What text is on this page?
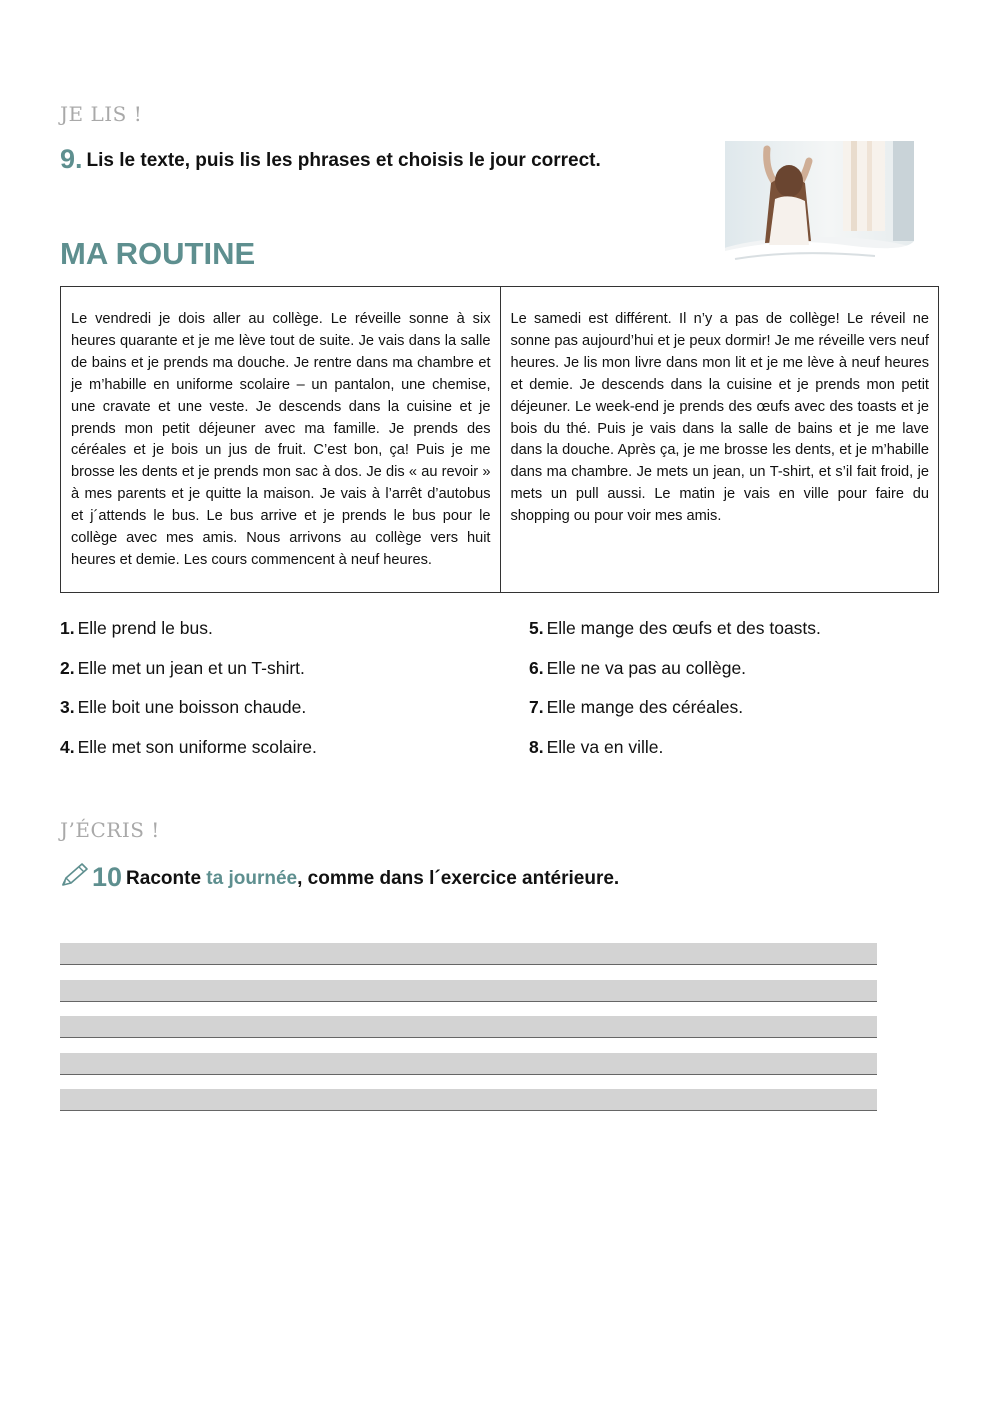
JE LIS !
9. Lis le texte, puis lis les phrases et choisis le jour correct.
MA ROUTINE
Le vendredi je dois aller au collège. Le réveille sonne à six heures quarante et je me lève tout de suite. Je vais dans la salle de bains et je prends ma douche. Je rentre dans ma chambre et je m’habille en uniforme scolaire – un pantalon, une chemise, une cravate et une veste. Je descends dans la cuisine et je prends mon petit déjeuner avec ma famille. Je prends des céréales et je bois un jus de fruit. C’est bon, ça! Puis je me brosse les dents et je prends mon sac à dos. Je dis « au revoir » à mes parents et je quitte la maison. Je vais à l’arrêt d’autobus et j´attends le bus. Le bus arrive et je prends le bus pour le collège avec mes amis. Nous arrivons au collège vers huit heures et demie. Les cours commencent à neuf heures.
Le samedi est différent. Il n’y a pas de collège! Le réveil ne sonne pas aujourd’hui et je peux dormir! Je me réveille vers neuf heures. Je lis mon livre dans mon lit et je me lève à neuf heures et demie. Je descends dans la cuisine et je prends mon petit déjeuner. Le week-end je prends des œufs avec des toasts et je bois du thé. Puis je vais dans la salle de bains et je me lave dans la douche. Après ça, je me brosse les dents, et je m’habille dans ma chambre. Je mets un jean, un T-shirt, et s’il fait froid, je mets un pull aussi. Le matin je vais en ville pour faire du shopping ou pour voir mes amis.
1. Elle prend le bus.
2. Elle met un jean et un T-shirt.
3. Elle boit une boisson chaude.
4. Elle met son uniforme scolaire.
5. Elle mange des œufs et des toasts.
6. Elle ne va pas au collège.
7. Elle mange des céréales.
8. Elle va en ville.
J’ÉCRIS !
10 Raconte ta journée, comme dans l´exercice antérieure.
